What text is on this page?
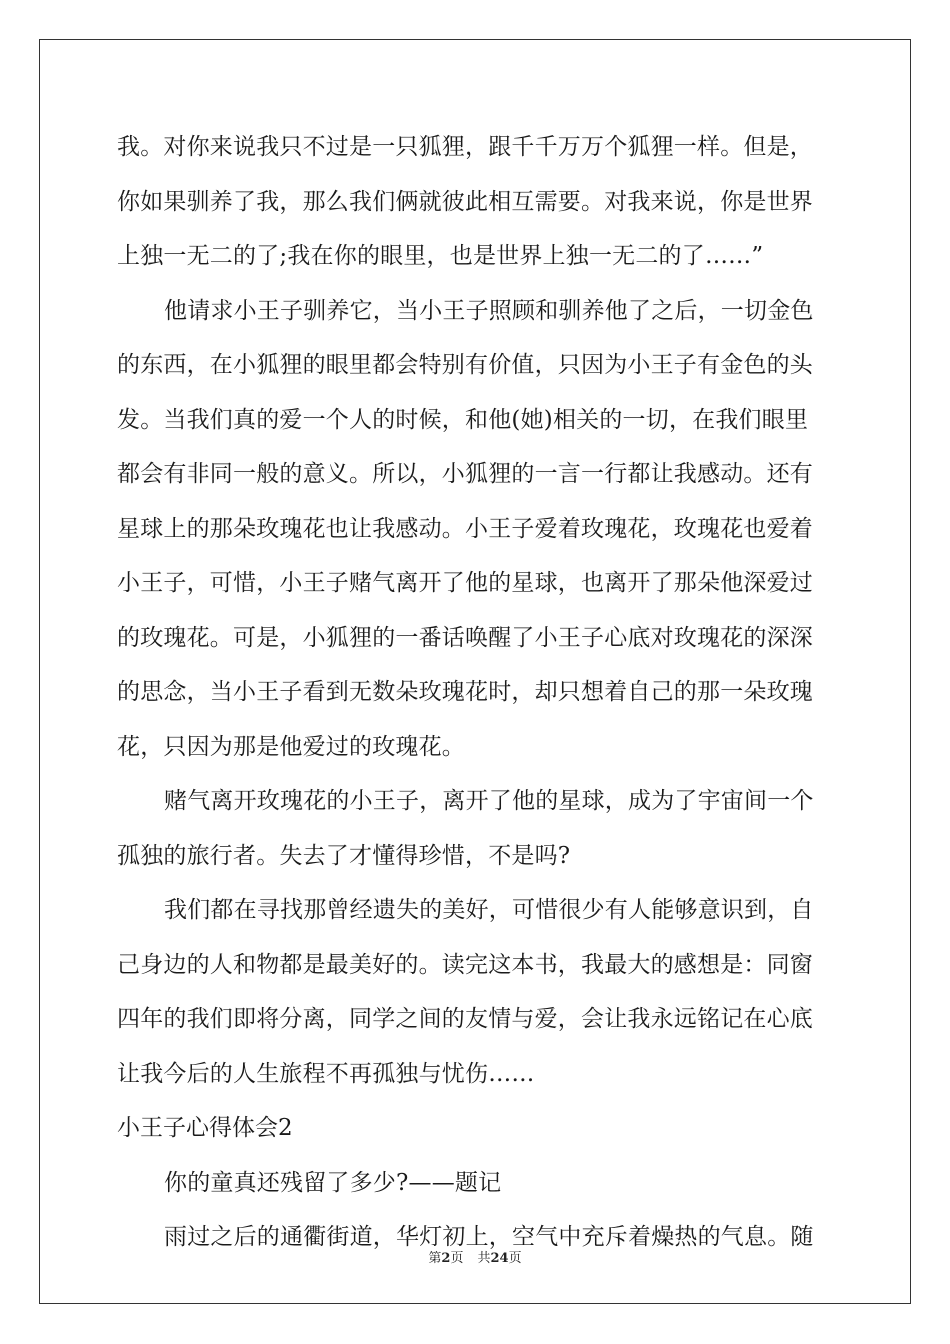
我。对你来说我只不过是一只狐狸，跟千千万万个狐狸一样。但是，
你如果驯养了我，那么我们俩就彼此相互需要。对我来说，你是世界
上独一无二的了;我在你的眼里，也是世界上独一无二的了……”
他请求小王子驯养它，当小王子照顾和驯养他了之后，一切金色
的东西，在小狐狸的眼里都会特别有价值，只因为小王子有金色的头
发。当我们真的爱一个人的时候，和他(她)相关的一切，在我们眼里
都会有非同一般的意义。所以，小狐狸的一言一行都让我感动。还有
星球上的那朵玫瑰花也让我感动。小王子爱着玫瑰花，玫瑰花也爱着
小王子，可惜，小王子赌气离开了他的星球，也离开了那朵他深爱过
的玫瑰花。可是，小狐狸的一番话唤醒了小王子心底对玫瑰花的深深
的思念，当小王子看到无数朵玫瑰花时，却只想着自己的那一朵玫瑰
花，只因为那是他爱过的玫瑰花。
赌气离开玫瑰花的小王子，离开了他的星球，成为了宇宙间一个
孤独的旅行者。失去了才懂得珍惜，不是吗?
我们都在寻找那曾经遗失的美好，可惜很少有人能够意识到，自
己身边的人和物都是最美好的。读完这本书，我最大的感想是：同窗
四年的我们即将分离，同学之间的友情与爱，会让我永远铭记在心底
让我今后的人生旅程不再孤独与忧伤……
小王子心得体会2
你的童真还残留了多少?——题记
雨过之后的通衢街道，华灯初上，空气中充斥着燥热的气息。随
第2页 共24页
